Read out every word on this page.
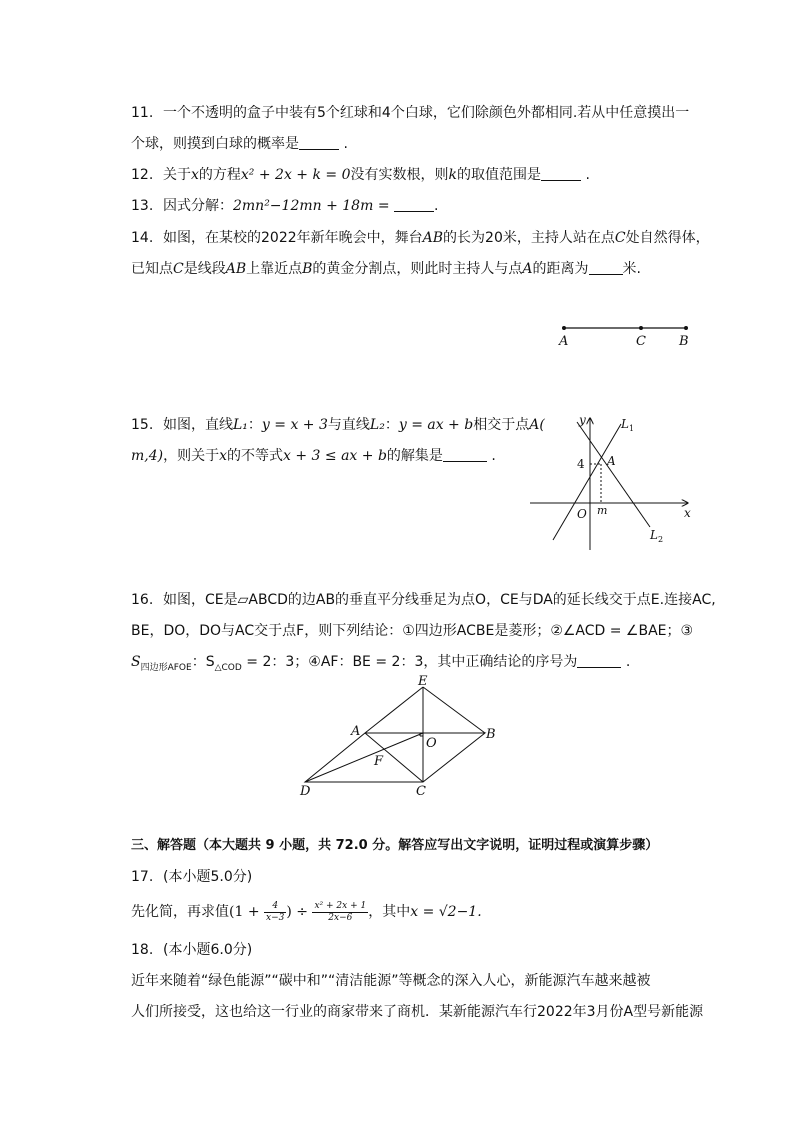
11. 一个不透明的盒子中装有5个红球和4个白球，它们除颜色外都相同.若从中任意摸出一
个球，则摸到白球的概率是	.
12. 关于x的方程x² + 2x + k = 0没有实数根，则k的取值范围是	.
13. 因式分解：2mn²−12mn + 18m =	.
14. 如图，在某校的2022年新年晚会中，舞台AB的长为20米，主持人站在点C处自然得体，
已知点C是线段AB上靠近点B的黄金分割点，则此时主持人与点A的距离为 米.
A	C	B
15. 如图，直线L₁：y = x + 3与直线L₂：y = ax + b相交于点A(
m,4)，则关于x的不等式x + 3 ≤ ax + b的解集是	.
y
x
O m
4 A
L 1
L 2
16. 如图，CE是▱ABCD的边AB的垂直平分线垂足为点O，CE与DA的延长线交于点E.连接AC,
BE，DO，DO与AC交于点F，则下列结论：①四边形ACBE是菱形；②∠ACD = ∠BAE；③
$S_{四边形AFOE}$：$S_{\triangle COD} = 2$：3；④AF：BE = 2：3，其中正确结论的序号为	.
E
A
O
B
F
D	C
三、解答题（本大题共 9 小题，共 72.0 分。解答应写出文字说明，证明过程或演算步骤）
17. (本小题5.0分)
先化简，再求值($1 + \frac{4}{x-3}$ ) ÷ $\frac{\text{x² + 2x + 1}}{2x-6}$ ，其中x = √2−1.
18. (本小题6.0分)
近年来随着“绿色能源”“碳中和”“清洁能源”等概念的深入人心，新能源汽车越来越被
人们所接受，这也给这一行业的商家带来了商机．某新能源汽车行2022年3月份A型号新能源
